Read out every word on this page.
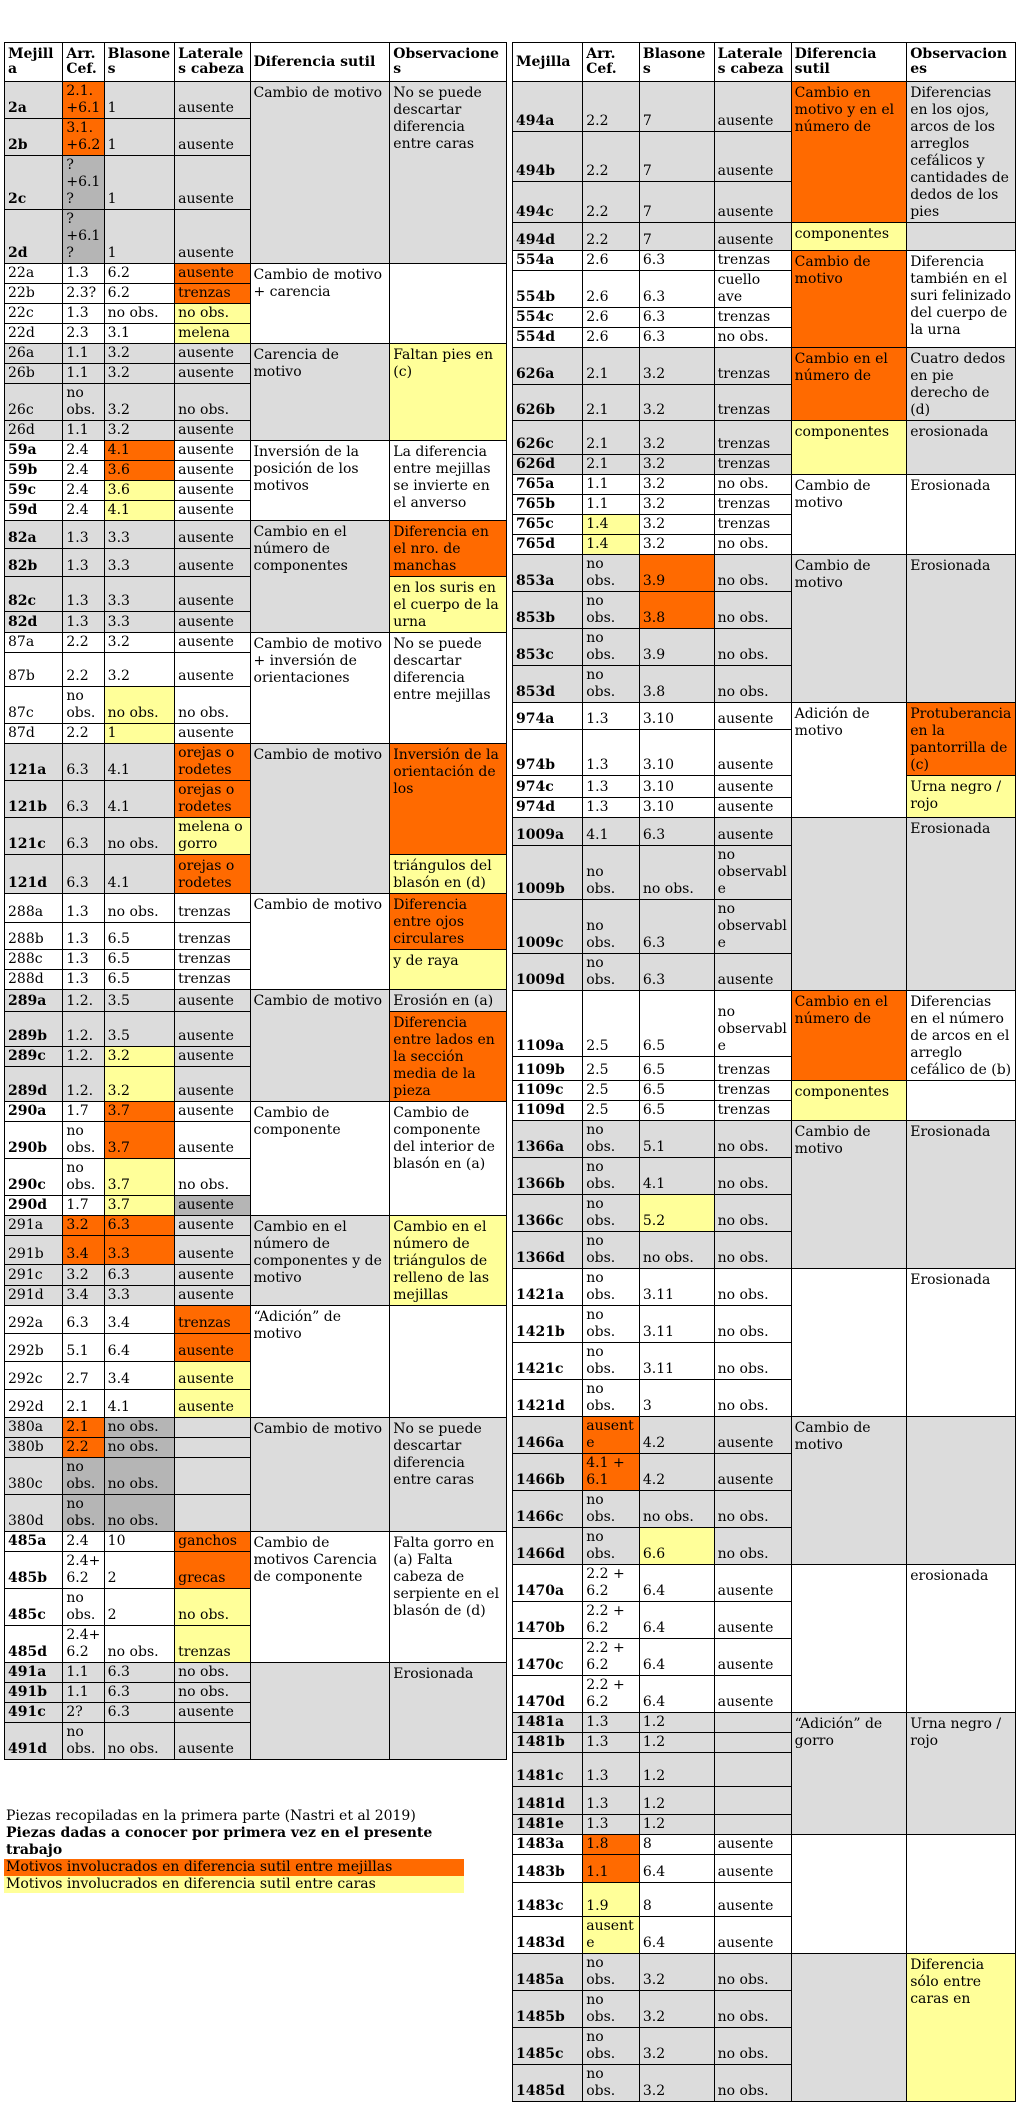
Mejilla	Arr. Cef.	Blasones	Laterales cabeza	Diferencia sutil	Observaciones
2a	2.1.+6.1	1	ausente	Cambio de motivo	No se puede descartar diferencia entre caras
2b	3.1.+6.2	1	ausente		
2c	?+6.1?	1	ausente		
2d	?+6.1?	1	ausente		
22a	1.3	6.2	ausente	Cambio de motivo + carencia	
22b	2.3?	6.2	trenzas		
22c	1.3	no obs.	no obs.		
22d	2.3	3.1	melena		
26a	1.1	3.2	ausente	Carencia de motivo	Faltan pies en (c)
26b	1.1	3.2	ausente		
26c	no obs.	3.2	no obs.		
26d	1.1	3.2	ausente		
59a	2.4	4.1	ausente	Inversión de la posición de los motivos	La diferencia entre mejillas se invierte en el anverso
59b	2.4	3.6	ausente		
59c	2.4	3.6	ausente		
59d	2.4	4.1	ausente		
82a	1.3	3.3	ausente	Cambio en el número de componentes	Diferencia en el nro. de manchas
82b	1.3	3.3	ausente		
82c	1.3	3.3	ausente		en los suris en el cuerpo de la urna
82d	1.3	3.3	ausente		
87a	2.2	3.2	ausente	Cambio de motivo + inversión de orientaciones	No se puede descartar diferencia entre mejillas
87b	2.2	3.2	ausente		
87c	no obs.	no obs.	no obs.		
87d	2.2	1	ausente		
121a	6.3	4.1	orejas o rodetes	Cambio de motivo	Inversión de la orientación de los
121b	6.3	4.1	orejas o rodetes		
121c	6.3	no obs.	melena o gorro		
121d	6.3	4.1	orejas o rodetes		triángulos del blasón en (d)
288a	1.3	no obs.	trenzas	Cambio de motivo	Diferencia entre ojos circulares
288b	1.3	6.5	trenzas		
288c	1.3	6.5	trenzas		y de raya
288d	1.3	6.5	trenzas		
289a	1.2.	3.5	ausente	Cambio de motivo	Erosión en (a)
289b	1.2.	3.5	ausente		Diferencia entre lados en la sección media de la pieza
289c	1.2.	3.2	ausente		
289d	1.2.	3.2	ausente		
290a	1.7	3.7	ausente	Cambio de componente	Cambio de componente del interior de blasón en (a)
290b	no obs.	3.7	ausente		
290c	no obs.	3.7	no obs.		
290d	1.7	3.7	ausente		
291a	3.2	6.3	ausente	Cambio en el número de componentes y de motivo	Cambio en el número de triángulos de relleno de las mejillas
291b	3.4	3.3	ausente		
291c	3.2	6.3	ausente		
291d	3.4	3.3	ausente		
292a	6.3	3.4	trenzas	“Adición” de motivo	
292b	5.1	6.4	ausente		
292c	2.7	3.4	ausente		
292d	2.1	4.1	ausente		
380a	2.1	no obs.		Cambio de motivo	No se puede descartar diferencia entre caras
380b	2.2	no obs.			
380c	no obs.	no obs.			
380d	no obs.	no obs.			
485a	2.4	10	ganchos	Cambio de motivos Carencia de componente	Falta gorro en (a) Falta cabeza de serpiente en el blasón de (d)
485b	2.4+6.2	2	grecas		
485c	no obs.	2	no obs.		
485d	2.4+6.2	no obs.	trenzas		
491a	1.1	6.3	no obs.		Erosionada
491b	1.1	6.3	no obs.		
491c	2?	6.3	ausente		
491d	no obs.	no obs.	ausente		
Mejilla	Arr. Cef.	Blasones	Laterales cabeza	Diferencia sutil	Observaciones
494a	2.2	7	ausente	Cambio en motivo y en el número de	Diferencias en los ojos, arcos de los arreglos cefálicos y cantidades de dedos de los pies
494b	2.2	7	ausente		
494c	2.2	7	ausente		
494d	2.2	7	ausente	componentes	
554a	2.6	6.3	trenzas	Cambio de motivo	Diferencia también en el suri felinizado del cuerpo de la urna
554b	2.6	6.3	cuello ave		
554c	2.6	6.3	trenzas		
554d	2.6	6.3	no obs.		
626a	2.1	3.2	trenzas	Cambio en el número de	Cuatro dedos en pie derecho de (d)
626b	2.1	3.2	trenzas		
626c	2.1	3.2	trenzas	componentes	erosionada
626d	2.1	3.2	trenzas		
765a	1.1	3.2	no obs.	Cambio de motivo	Erosionada
765b	1.1	3.2	trenzas		
765c	1.4	3.2	trenzas		
765d	1.4	3.2	no obs.		
853a	no obs.	3.9	no obs.	Cambio de motivo	Erosionada
853b	no obs.	3.8	no obs.		
853c	no obs.	3.9	no obs.		
853d	no obs.	3.8	no obs.		
974a	1.3	3.10	ausente	Adición de motivo	Protuberancia en la pantorrilla de (c)
974b	1.3	3.10	ausente		
974c	1.3	3.10	ausente		Urna negro / rojo
974d	1.3	3.10	ausente		
1009a	4.1	6.3	ausente		Erosionada
1009b	no obs.	no obs.	no observable		
1009c	no obs.	6.3	no observable		
1009d	no obs.	6.3	ausente		
1109a	2.5	6.5	no observable	Cambio en el número de	Diferencias en el número de arcos en el arreglo cefálico de (b)
1109b	2.5	6.5	trenzas		
1109c	2.5	6.5	trenzas	componentes	
1109d	2.5	6.5	trenzas		
1366a	no obs.	5.1	no obs.	Cambio de motivo	Erosionada
1366b	no obs.	4.1	no obs.		
1366c	no obs.	5.2	no obs.		
1366d	no obs.	no obs.	no obs.		
1421a	no obs.	3.11	no obs.		Erosionada
1421b	no obs.	3.11	no obs.		
1421c	no obs.	3.11	no obs.		
1421d	no obs.	3	no obs.		
1466a	ausente	4.2	ausente	Cambio de motivo	
1466b	4.1 + 6.1	4.2	ausente		
1466c	no obs.	no obs.	no obs.		
1466d	no obs.	6.6	no obs.		
1470a	2.2 + 6.2	6.4	ausente		erosionada
1470b	2.2 + 6.2	6.4	ausente		
1470c	2.2 + 6.2	6.4	ausente		
1470d	2.2 + 6.2	6.4	ausente		
1481a	1.3	1.2		“Adición” de gorro	Urna negro / rojo
1481b	1.3	1.2			
1481c	1.3	1.2			
1481d	1.3	1.2			
1481e	1.3	1.2			
1483a	1.8	8	ausente		
1483b	1.1	6.4	ausente		
1483c	1.9	8	ausente		
1483d	ausente	6.4	ausente		
1485a	no obs.	3.2	no obs.		Diferencia sólo entre caras en
1485b	no obs.	3.2	no obs.		
1485c	no obs.	3.2	no obs.		
1485d	no obs.	3.2	no obs.		
Piezas recopiladas en la primera parte (Nastri et al 2019)
Piezas dadas a conocer por primera vez en el presente trabajo
Motivos involucrados en diferencia sutil entre mejillas
Motivos involucrados en diferencia sutil entre caras
